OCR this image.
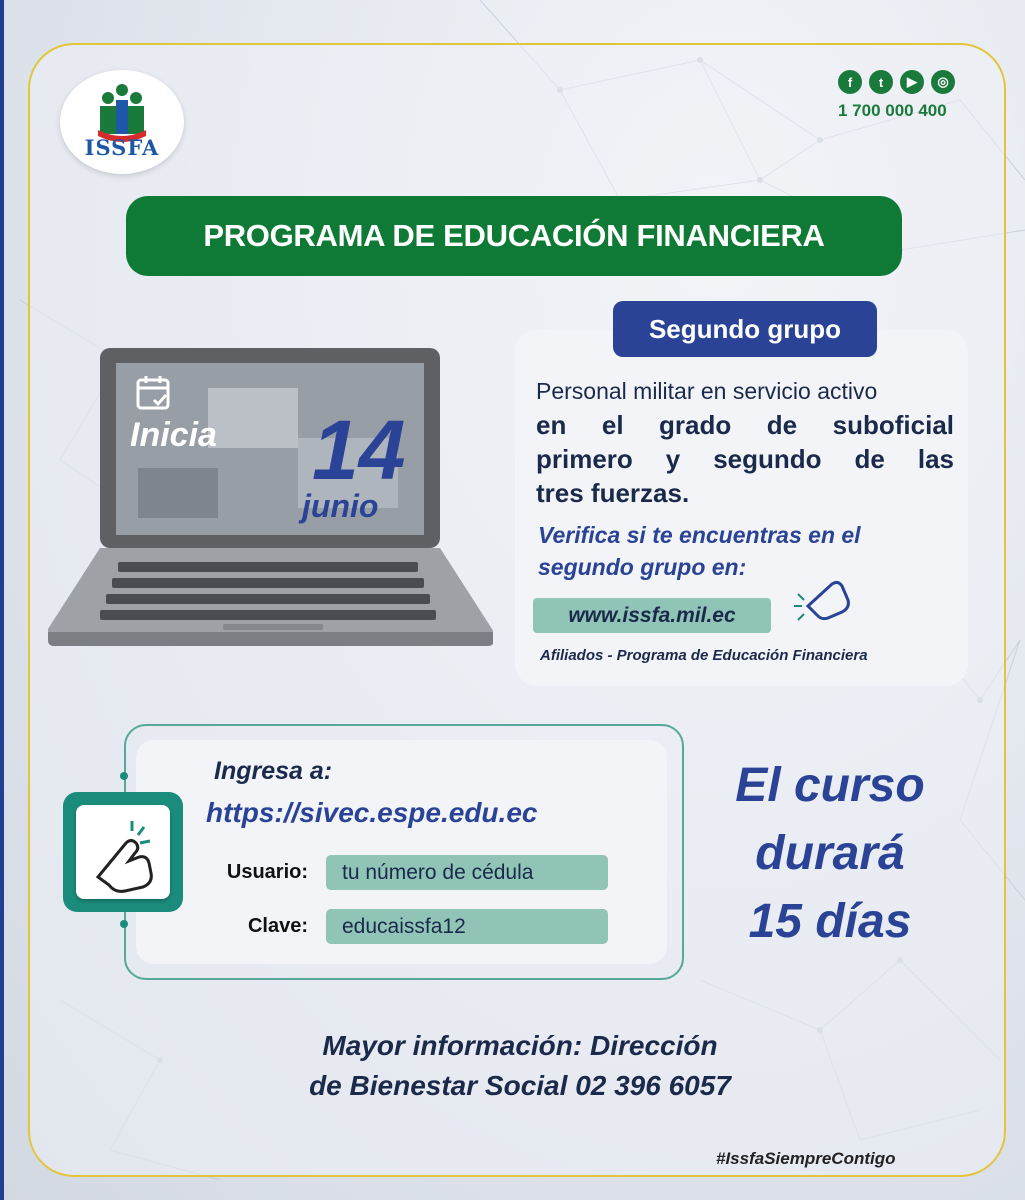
ISSFA
f	t	▶	◎
1 700 000 400
PROGRAMA DE EDUCACIÓN FINANCIERA
Inicia 14
junio
Segundo grupo
Personal militar en servicio activo
en el grado de suboficial
primero y segundo de las
tres fuerzas.
Verifica si te encuentras en el
segundo grupo en:
www.issfa.mil.ec
Afiliados - Programa de Educación Financiera
Ingresa a:
https://sivec.espe.edu.ec
Usuario:	tu número de cédula
Clave:	educaissfa12
El curso
durará
15 días
Mayor información: Dirección
de Bienestar Social 02 396 6057
#IssfaSiempreContigo
